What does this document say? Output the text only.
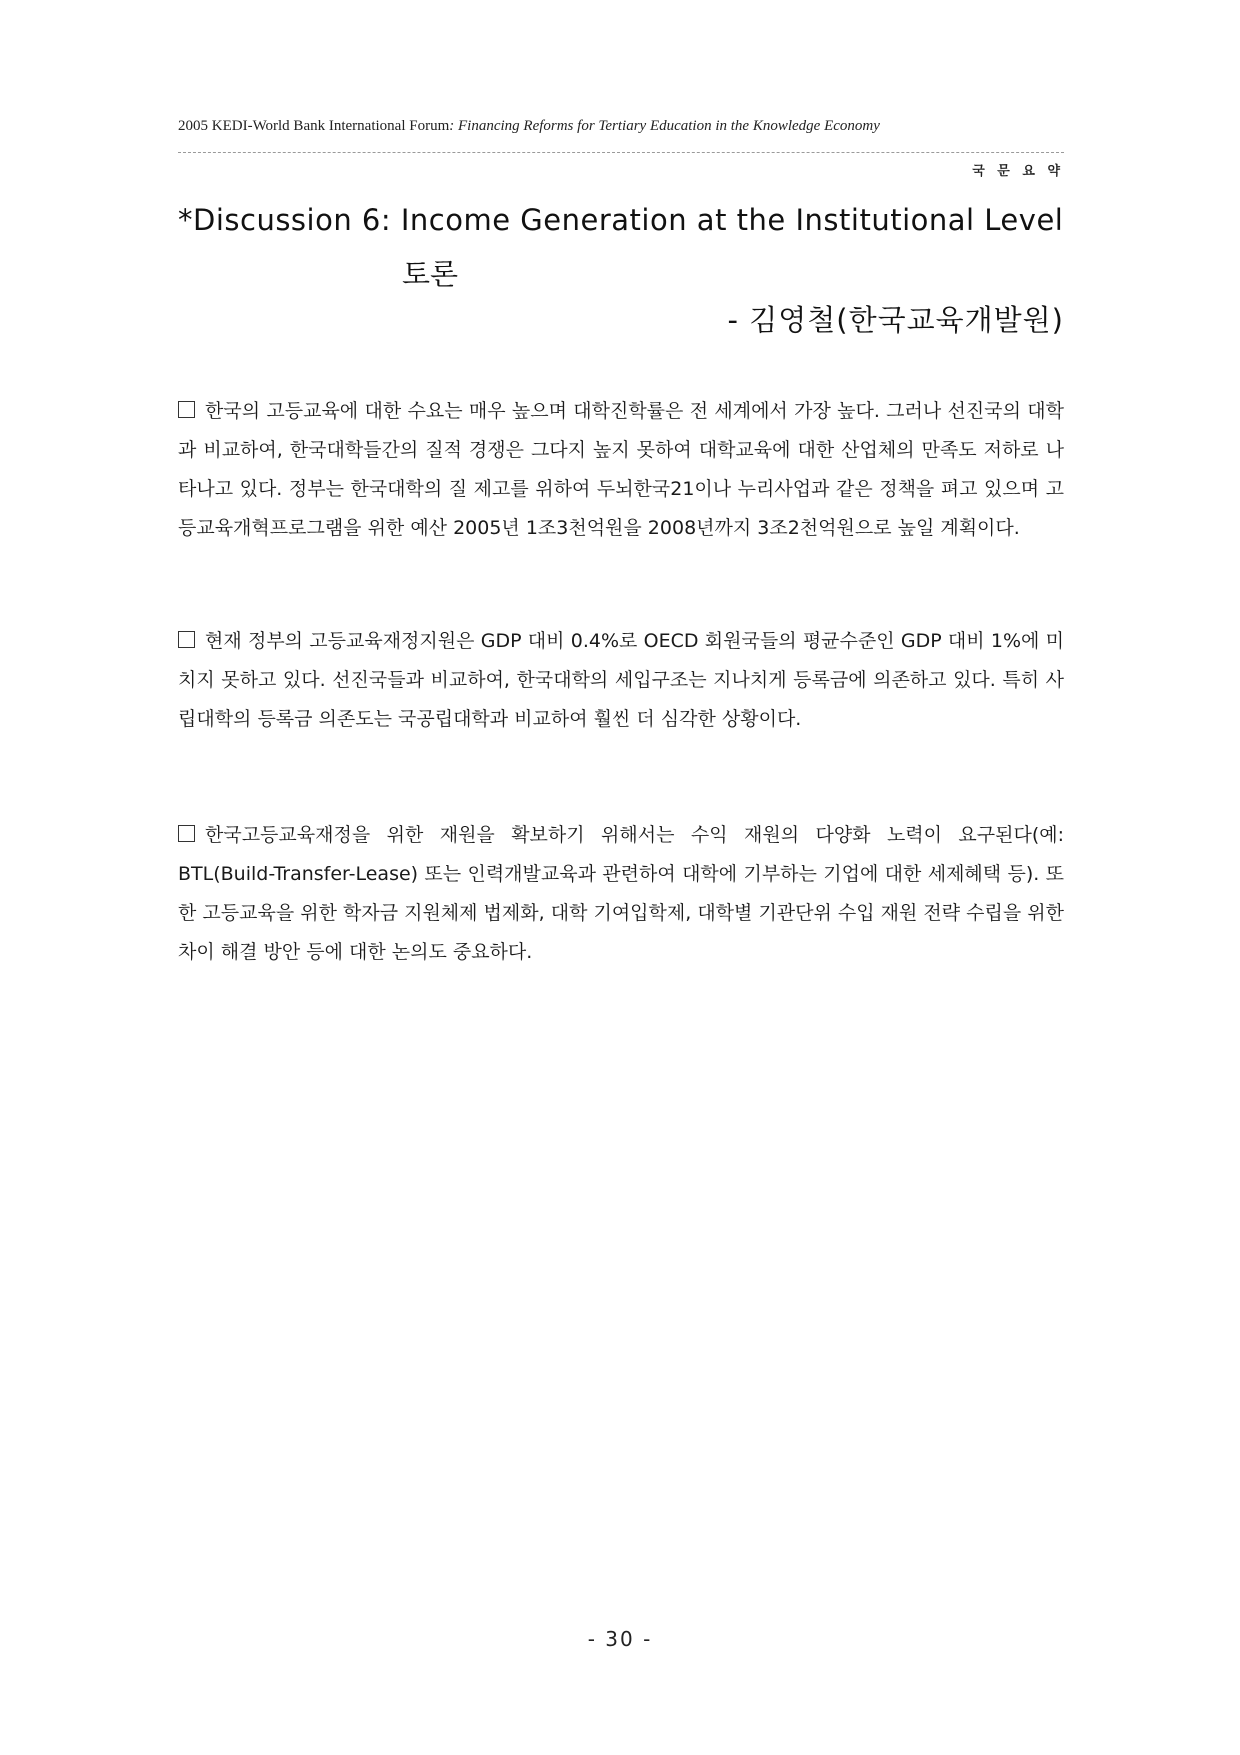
2005 KEDI-World Bank International Forum: Financing Reforms for Tertiary Education in the Knowledge Economy
국 문 요 약
*Discussion 6: Income Generation at the Institutional Level
토론
- 김영철(한국교육개발원)
한국의 고등교육에 대한 수요는 매우 높으며 대학진학률은 전 세계에서 가장 높다. 그러나 선진국의 대학과 비교하여, 한국대학들간의 질적 경쟁은 그다지 높지 못하여 대학교육에 대한 산업체의 만족도 저하로 나타나고 있다. 정부는 한국대학의 질 제고를 위하여 두뇌한국21이나 누리사업과 같은 정책을 펴고 있으며 고등교육개혁프로그램을 위한 예산 2005년 1조3천억원을 2008년까지 3조2천억원으로 높일 계획이다.
현재 정부의 고등교육재정지원은 GDP 대비 0.4%로 OECD 회원국들의 평균수준인 GDP 대비 1%에 미치지 못하고 있다. 선진국들과 비교하여, 한국대학의 세입구조는 지나치게 등록금에 의존하고 있다. 특히 사립대학의 등록금 의존도는 국공립대학과 비교하여 훨씬 더 심각한 상황이다.
한국고등교육재정을 위한 재원을 확보하기 위해서는 수익 재원의 다양화 노력이 요구된다(예: BTL(Build-Transfer-Lease) 또는 인력개발교육과 관련하여 대학에 기부하는 기업에 대한 세제혜택 등). 또한 고등교육을 위한 학자금 지원체제 법제화, 대학 기여입학제, 대학별 기관단위 수입 재원 전략 수립을 위한 차이 해결 방안 등에 대한 논의도 중요하다.
- 30 -
